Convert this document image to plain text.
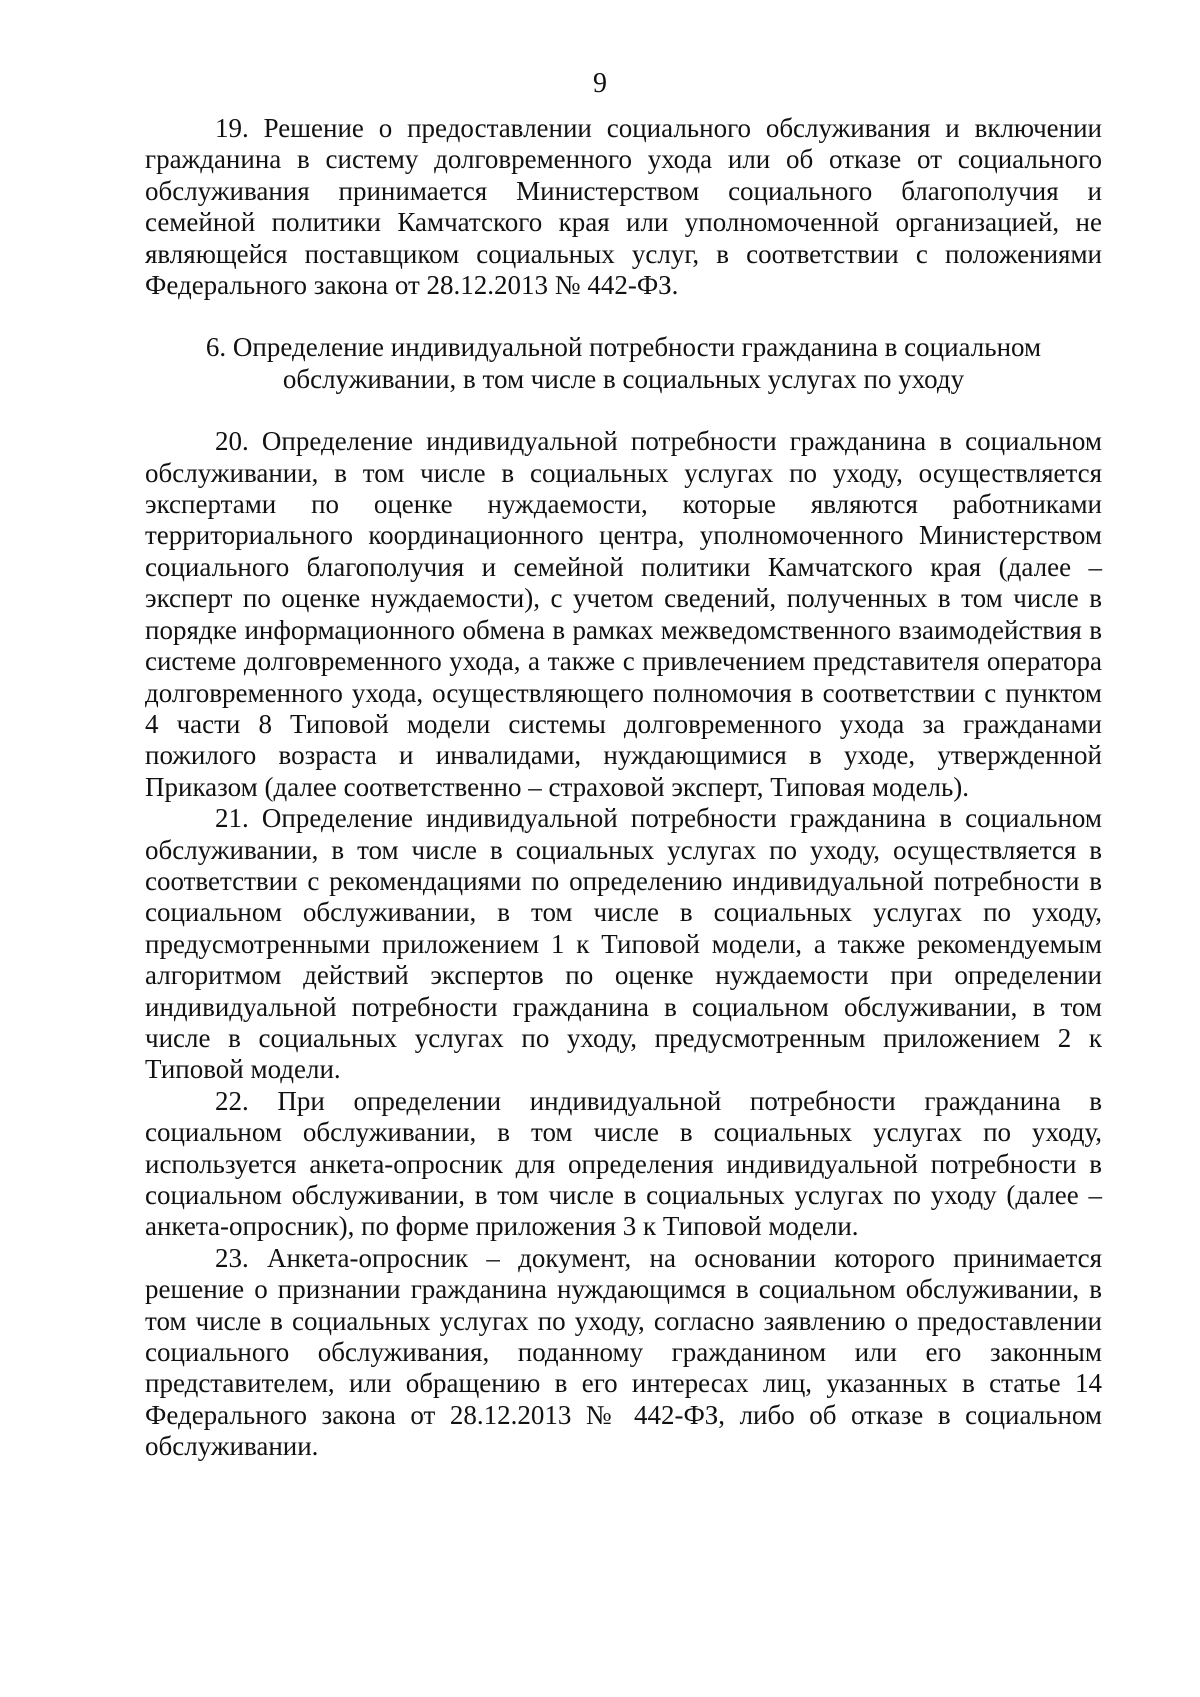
9

19. Решение о предоставлении социального обслуживания и включении гражданина в систему долговременного ухода или об отказе от социального обслуживания принимается Министерством социального благополучия и семейной политики Камчатского края или уполномоченной организацией, не являющейся поставщиком социальных услуг, в соответствии с положениями Федерального закона от 28.12.2013 № 442-ФЗ.

6. Определение индивидуальной потребности гражданина в социальном
обслуживании, в том числе в социальных услугах по уходу

20. Определение индивидуальной потребности гражданина в социальном обслуживании, в том числе в социальных услугах по уходу, осуществляется экспертами по оценке нуждаемости, которые являются работниками территориального координационного центра, уполномоченного Министерством социального благополучия и семейной политики Камчатского края (далее – эксперт по оценке нуждаемости), с учетом сведений, полученных в том числе в порядке информационного обмена в рамках межведомственного взаимодействия в системе долговременного ухода, а также с привлечением представителя оператора долговременного ухода, осуществляющего полномочия в соответствии с пунктом 4 части 8 Типовой модели системы долговременного ухода за гражданами пожилого возраста и инвалидами, нуждающимися в уходе, утвержденной Приказом (далее соответственно – страховой эксперт, Типовая модель).

21. Определение индивидуальной потребности гражданина в социальном обслуживании, в том числе в социальных услугах по уходу, осуществляется в соответствии с рекомендациями по определению индивидуальной потребности в социальном обслуживании, в том числе в социальных услугах по уходу, предусмотренными приложением 1 к Типовой модели, а также рекомендуемым алгоритмом действий экспертов по оценке нуждаемости при определении индивидуальной потребности гражданина в социальном обслуживании, в том числе в социальных услугах по уходу, предусмотренным приложением 2 к Типовой модели.

22. При определении индивидуальной потребности гражданина в социальном обслуживании, в том числе в социальных услугах по уходу, используется анкета-опросник для определения индивидуальной потребности в социальном обслуживании, в том числе в социальных услугах по уходу (далее – анкета-опросник), по форме приложения 3 к Типовой модели.

23. Анкета-опросник – документ, на основании которого принимается решение о признании гражданина нуждающимся в социальном обслуживании, в том числе в социальных услугах по уходу, согласно заявлению о предоставлении социального обслуживания, поданному гражданином или его законным представителем, или обращению в его интересах лиц, указанных в статье 14 Федерального закона от 28.12.2013 № 442-ФЗ, либо об отказе в социальном обслуживании.
